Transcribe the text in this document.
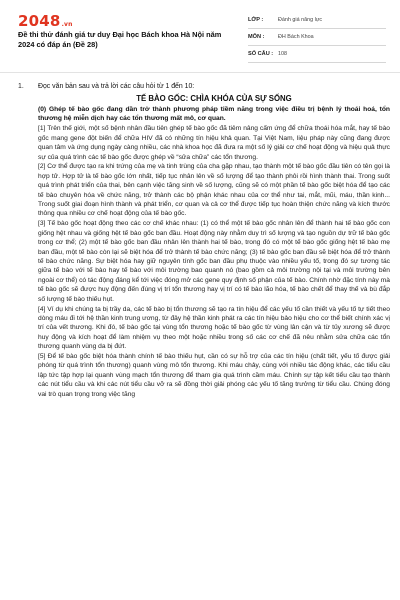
2048.vn
Đề thi thử đánh giá tư duy Đại học Bách khoa Hà Nội năm 2024 có đáp án (Đề 28)
LỚP :	Đánh giá năng lực
MÔN :	ĐH Bách Khoa
SỐ CÂU : 108
1.	Đọc văn bản sau và trả lời các câu hỏi từ 1 đến 10:
TẾ BÀO GỐC: CHÌA KHÓA CỦA SỰ SỐNG

(0) Ghép tế bào gốc đang dần trở thành phương pháp tiềm năng trong việc điều trị bệnh lý thoái hoá, tổn thương hệ miễn dịch hay các tổn thương mất mô, cơ quan.

[1] Trên thế giới, một số bệnh nhân đầu tiên ghép tế bào gốc đã tiêm nâng cấm ứng để chữa thoái hóa mắt, hay tế bào gốc mang gene đột biến để chữa HIV đã có những tín hiệu khả quan. Tại Việt Nam, liệu pháp này cũng đang được quan tâm và ứng dụng ngày càng nhiều, các nhà khoa học đã đưa ra một số lý giải cơ chế hoạt động và hiệu quả thực sự của quá trình các tế bào gốc được ghép về “sửa chữa” các tổn thương.

[2] Cơ thể được tạo ra khi trứng của mẹ và tinh trùng của cha gặp nhau, tạo thành một tế bào gốc đầu tiên có tên gọi là hợp tử. Hợp tử là tế bào gốc lớn nhất, tiếp tục nhân lên về số lượng để tạo thành phôi rồi hình thành thai. Trong suốt quá trình phát triển của thai, bên cạnh việc tăng sinh về số lượng, cũng sẽ có một phần tế bào gốc biệt hóa để tạo các tế bào chuyên hóa về chức năng, trở thành các bộ phận khác nhau của cơ thể như tai, mắt, mũi, máu, thần kinh... Trong suốt giai đoạn hình thành và phát triển, cơ quan và cả cơ thể được tiếp tục hoàn thiện chức năng và kích thước thông qua nhiều cơ chế hoạt động của tế bào gốc.

[3] Tế bào gốc hoạt động theo các cơ chế khác nhau: (1) có thể một tế bào gốc nhân lên để thành hai tế bào gốc con giống hệt nhau và giống hệt tế bào gốc ban đầu. Hoạt động này nhằm duy trì số lượng và tạo nguồn dự trữ tế bào gốc trong cơ thể; (2) một tế bào gốc ban đầu nhân lên thành hai tế bào, trong đó có một tế bào gốc giống hệt tế bào mẹ ban đầu, một tế bào còn lại sẽ biệt hóa để trở thành tế bào chức năng; (3) tế bào gốc ban đầu sẽ biệt hóa để trở thành tế bào chức năng. Sự biệt hóa hay giữ nguyên tính gốc ban đầu phụ thuộc vào nhiều yếu tố, trong đó sự tương tác giữa tế bào với tế bào hay tế bào với môi trường bao quanh nó (bao gồm cả môi trường nội tại và môi trường bên ngoài cơ thể) có tác động đáng kể tới việc đóng mở các gene quy định số phận của tế bào. Chính nhờ đặc tính này mà tế bào gốc sẽ được huy động đến đúng vị trí tổn thương hay vị trí có tế bào lão hóa, tế bào chết để thay thế và bù đắp số lượng tế bào thiếu hụt.

[4] Ví dụ khi chúng ta bị trầy da, các tế bào bị tổn thương sẽ tạo ra tín hiệu để các yếu tố cần thiết và yếu tố tự tiết theo dòng máu đi tới hệ thần kinh trung ương, từ đây hệ thần kinh phát ra các tín hiệu bảo hiệu cho cơ thể biết chính xác vị trí của vết thương. Khi đó, tế bào gốc tại vùng tổn thương hoặc tế bào gốc từ vùng lân cận và từ tủy xương sẽ được huy động và kích hoạt để làm nhiệm vụ theo một hoặc nhiều trong số các cơ chế đã nêu nhằm sửa chữa các tổn thương quanh vùng da bị đứt.

[5] Để tế bào gốc biệt hóa thành chính tế bào thiếu hụt, cần có sự hỗ trợ của các tín hiệu (chất tiết, yếu tố được giải phóng từ quá trình tổn thương) quanh vùng mô tổn thương. Khi máu chảy, cùng với nhiều tác động khác, các tiểu cầu lập tức tập hợp lại quanh vùng mạch tổn thương để tham gia quá trình cầm máu. Chính sự tập kết tiểu cầu tạo thành các nút tiểu cầu và khi các nút tiểu cầu vỡ ra sẽ đồng thời giải phóng các yếu tố tăng trưởng từ tiểu cầu. Chúng đóng vai trò quan trọng trong việc tăng
